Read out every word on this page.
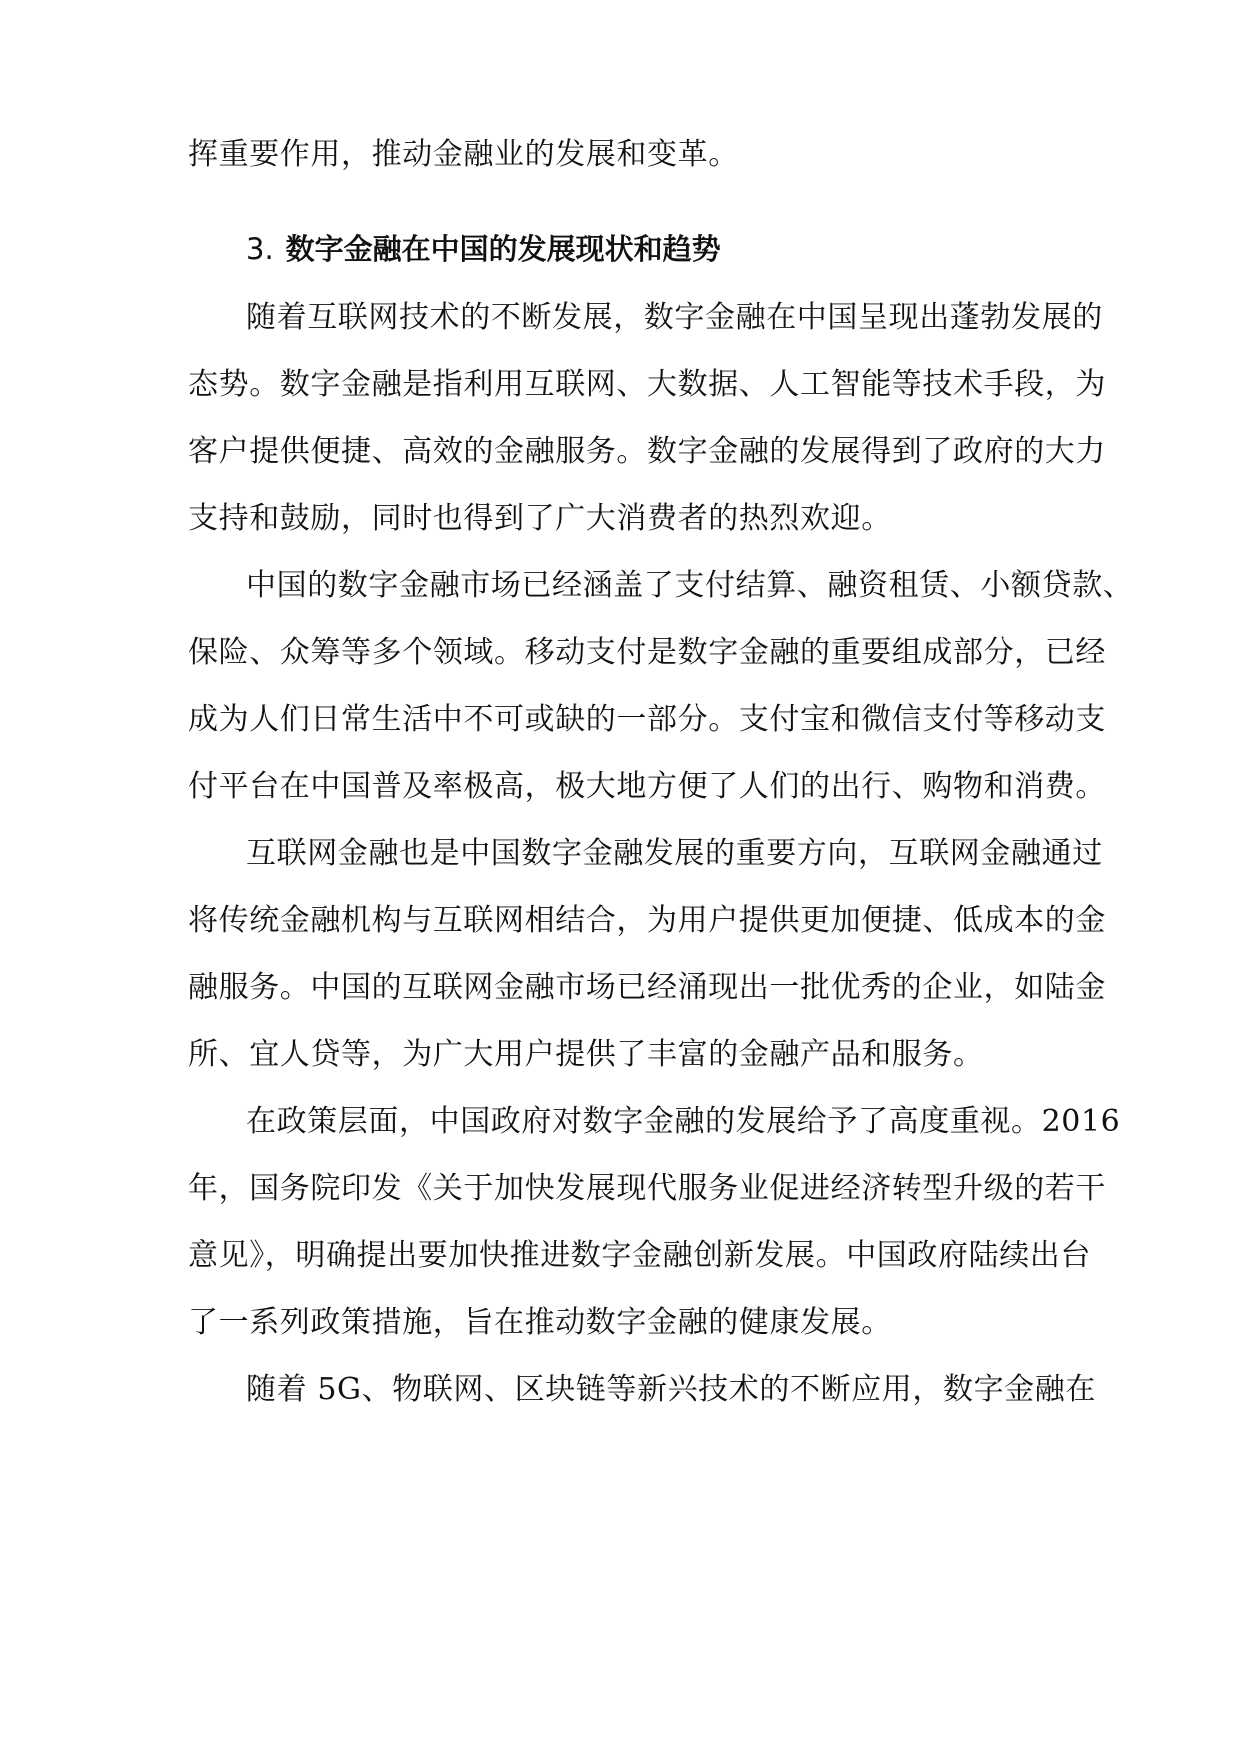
挥重要作用，推动金融业的发展和变革。
3. 数字金融在中国的发展现状和趋势
随着互联网技术的不断发展，数字金融在中国呈现出蓬勃发展的
态势。数字金融是指利用互联网、大数据、人工智能等技术手段，为
客户提供便捷、高效的金融服务。数字金融的发展得到了政府的大力
支持和鼓励，同时也得到了广大消费者的热烈欢迎。
中国的数字金融市场已经涵盖了支付结算、融资租赁、小额贷款、
保险、众筹等多个领域。移动支付是数字金融的重要组成部分，已经
成为人们日常生活中不可或缺的一部分。支付宝和微信支付等移动支
付平台在中国普及率极高，极大地方便了人们的出行、购物和消费。
互联网金融也是中国数字金融发展的重要方向，互联网金融通过
将传统金融机构与互联网相结合，为用户提供更加便捷、低成本的金
融服务。中国的互联网金融市场已经涌现出一批优秀的企业，如陆金
所、宜人贷等，为广大用户提供了丰富的金融产品和服务。
在政策层面，中国政府对数字金融的发展给予了高度重视。2016
年，国务院印发《关于加快发展现代服务业促进经济转型升级的若干
意见》，明确提出要加快推进数字金融创新发展。中国政府陆续出台
了一系列政策措施，旨在推动数字金融的健康发展。
随着 5G、物联网、区块链等新兴技术的不断应用，数字金融在
